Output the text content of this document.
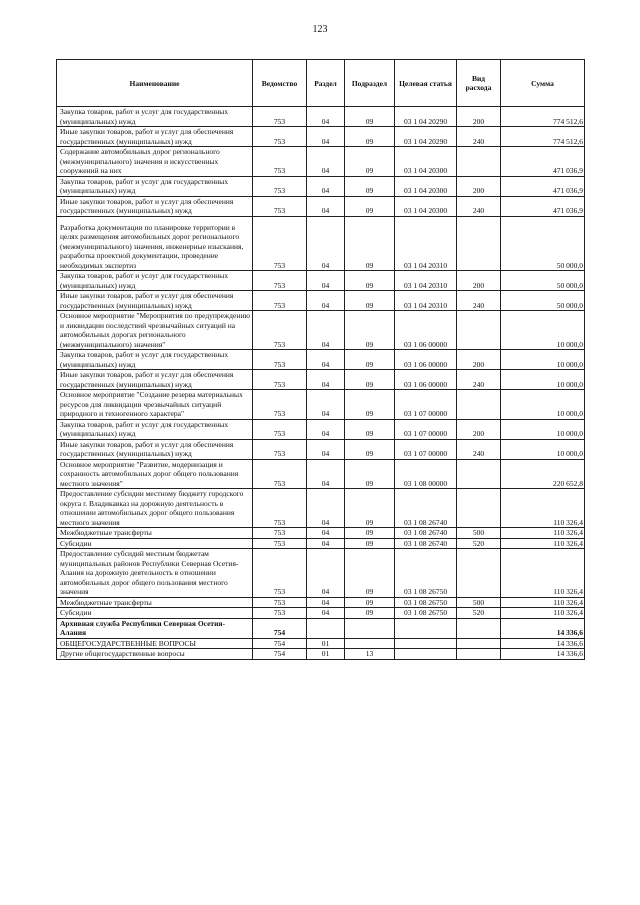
123
Наименование	Ведомство	Раздел	Подраздел	Целевая статья	Вид расхода	Сумма
Закупка товаров, работ и услуг для государственных (муниципальных) нужд	753	04	09	03 1 04 20290	200	774 512,6
Иные закупки товаров, работ и услуг для обеспечения государственных (муниципальных) нужд	753	04	09	03 1 04 20290	240	774 512,6
Содержание автомобильных дорог регионального (межмуниципального) значения и искусственных сооружений на них	753	04	09	03 1 04 20300		471 036,9
Закупка товаров, работ и услуг для государственных (муниципальных) нужд	753	04	09	03 1 04 20300	200	471 036,9
Иные закупки товаров, работ и услуг для обеспечения государственных (муниципальных) нужд	753	04	09	03 1 04 20300	240	471 036,9
Разработка документации по планировке территории в целях размещения автомобильных дорог регионального (межмуниципального) значения, инженерные изыскания, разработка проектной документации, проведение необходимых экспертиз	753	04	09	03 1 04 20310		50 000,0
Закупка товаров, работ и услуг для государственных (муниципальных) нужд	753	04	09	03 1 04 20310	200	50 000,0
Иные закупки товаров, работ и услуг для обеспечения государственных (муниципальных) нужд	753	04	09	03 1 04 20310	240	50 000,0
Основное мероприятие "Мероприятия по предупреждению и ликвидации последствий чрезвычайных ситуаций на автомобильных дорогах регионального (межмуниципального) значения"	753	04	09	03 1 06 00000		10 000,0
Закупка товаров, работ и услуг для государственных (муниципальных) нужд	753	04	09	03 1 06 00000	200	10 000,0
Иные закупки товаров, работ и услуг для обеспечения государственных (муниципальных) нужд	753	04	09	03 1 06 00000	240	10 000,0
Основное мероприятие "Создание резерва материальных ресурсов для ликвидации чрезвычайных ситуаций природного и техногенного характера"	753	04	09	03 1 07 00000		10 000,0
Закупка товаров, работ и услуг для государственных (муниципальных) нужд	753	04	09	03 1 07 00000	200	10 000,0
Иные закупки товаров, работ и услуг для обеспечения государственных (муниципальных) нужд	753	04	09	03 1 07 00000	240	10 000,0
Основное мероприятие "Развитие, модернизация и сохранность автомобильных дорог общего пользования местного значения"	753	04	09	03 1 08 00000		220 652,8
Предоставление субсидии местному бюджету городского округа г. Владикавказ на дорожную деятельность в отношении автомобильных дорог общего пользования местного значения	753	04	09	03 1 08 26740		110 326,4
Межбюджетные трансферты	753	04	09	03 1 08 26740	500	110 326,4
Субсидии	753	04	09	03 1 08 26740	520	110 326,4
Предоставление субсидий местным бюджетам муниципальных районов Республики Северная Осетия-Алания на дорожную деятельность в отношении автомобильных дорог общего пользования местного значения	753	04	09	03 1 08 26750		110 326,4
Межбюджетные трансферты	753	04	09	03 1 08 26750	500	110 326,4
Субсидии	753	04	09	03 1 08 26750	520	110 326,4
Архивная служба Республики Северная Осетия-Алания	754					14 336,6
ОБЩЕГОСУДАРСТВЕННЫЕ ВОПРОСЫ	754	01				14 336,6
Другие общегосударственные вопросы	754	01	13			14 336,6
